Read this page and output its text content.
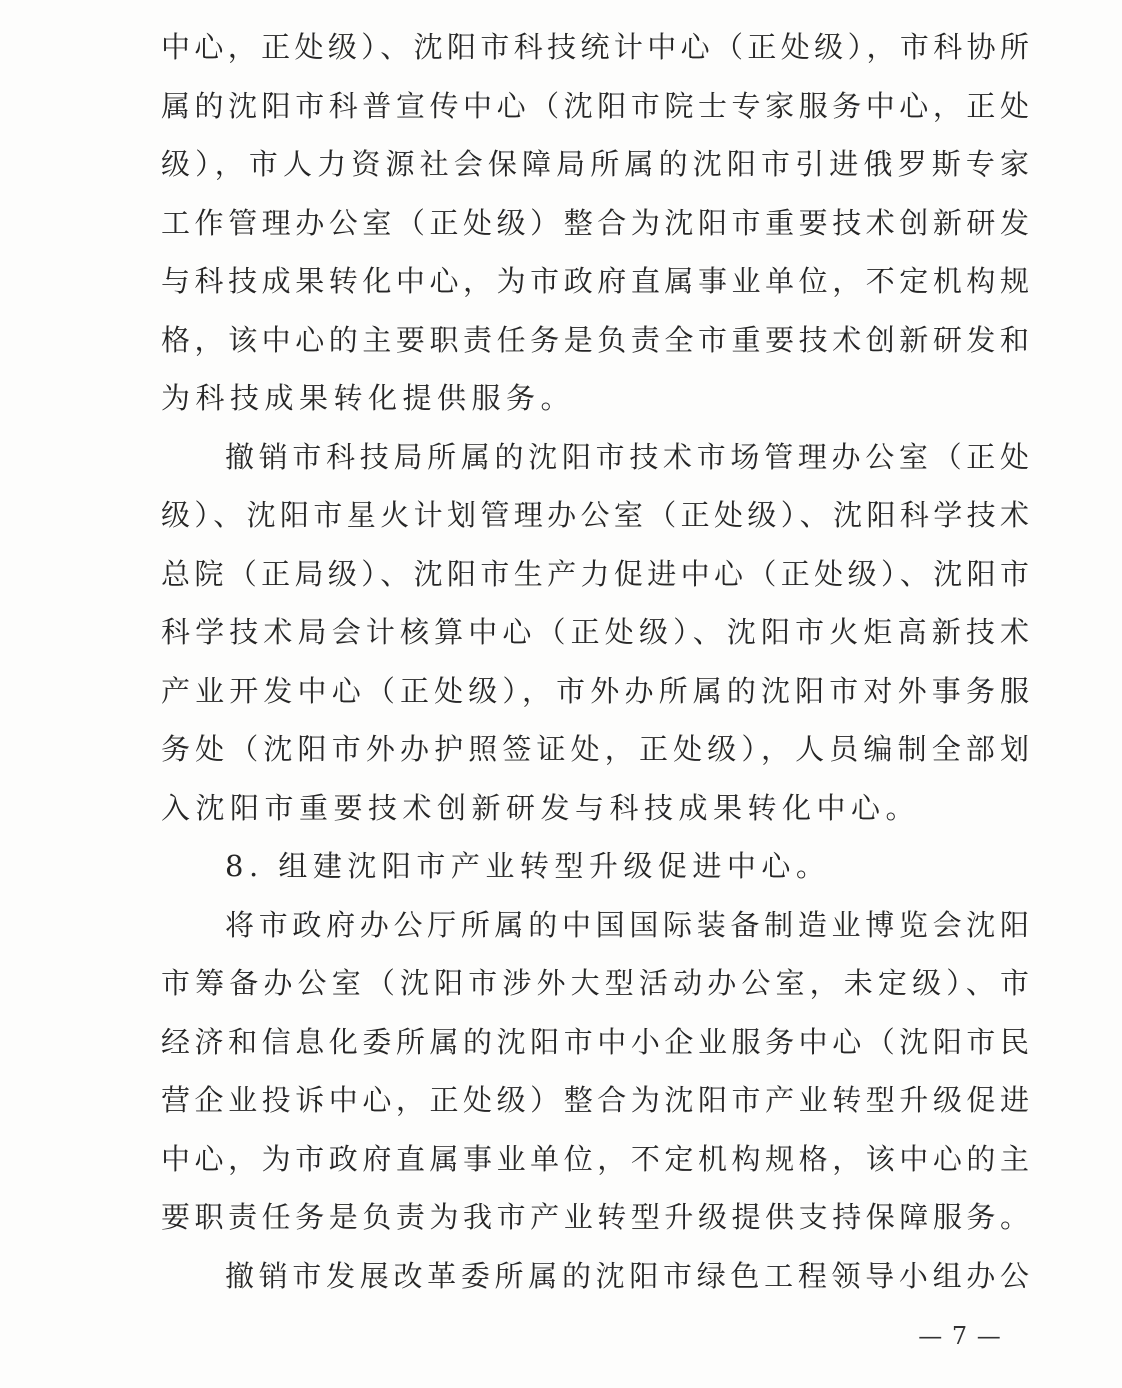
中心，正处级）、沈阳市科技统计中心（正处级），市科协所
属的沈阳市科普宣传中心（沈阳市院士专家服务中心，正处
级），市人力资源社会保障局所属的沈阳市引进俄罗斯专家
工作管理办公室（正处级）整合为沈阳市重要技术创新研发
与科技成果转化中心，为市政府直属事业单位，不定机构规
格，该中心的主要职责任务是负责全市重要技术创新研发和
为科技成果转化提供服务。
撤销市科技局所属的沈阳市技术市场管理办公室（正处
级）、沈阳市星火计划管理办公室（正处级）、沈阳科学技术
总院（正局级）、沈阳市生产力促进中心（正处级）、沈阳市
科学技术局会计核算中心（正处级）、沈阳市火炬高新技术
产业开发中心（正处级），市外办所属的沈阳市对外事务服
务处（沈阳市外办护照签证处，正处级），人员编制全部划
入沈阳市重要技术创新研发与科技成果转化中心。
8. 组建沈阳市产业转型升级促进中心。
将市政府办公厅所属的中国国际装备制造业博览会沈阳
市筹备办公室（沈阳市涉外大型活动办公室，未定级）、市
经济和信息化委所属的沈阳市中小企业服务中心（沈阳市民
营企业投诉中心，正处级）整合为沈阳市产业转型升级促进
中心，为市政府直属事业单位，不定机构规格，该中心的主
要职责任务是负责为我市产业转型升级提供支持保障服务。
撤销市发展改革委所属的沈阳市绿色工程领导小组办公
— 7 —
